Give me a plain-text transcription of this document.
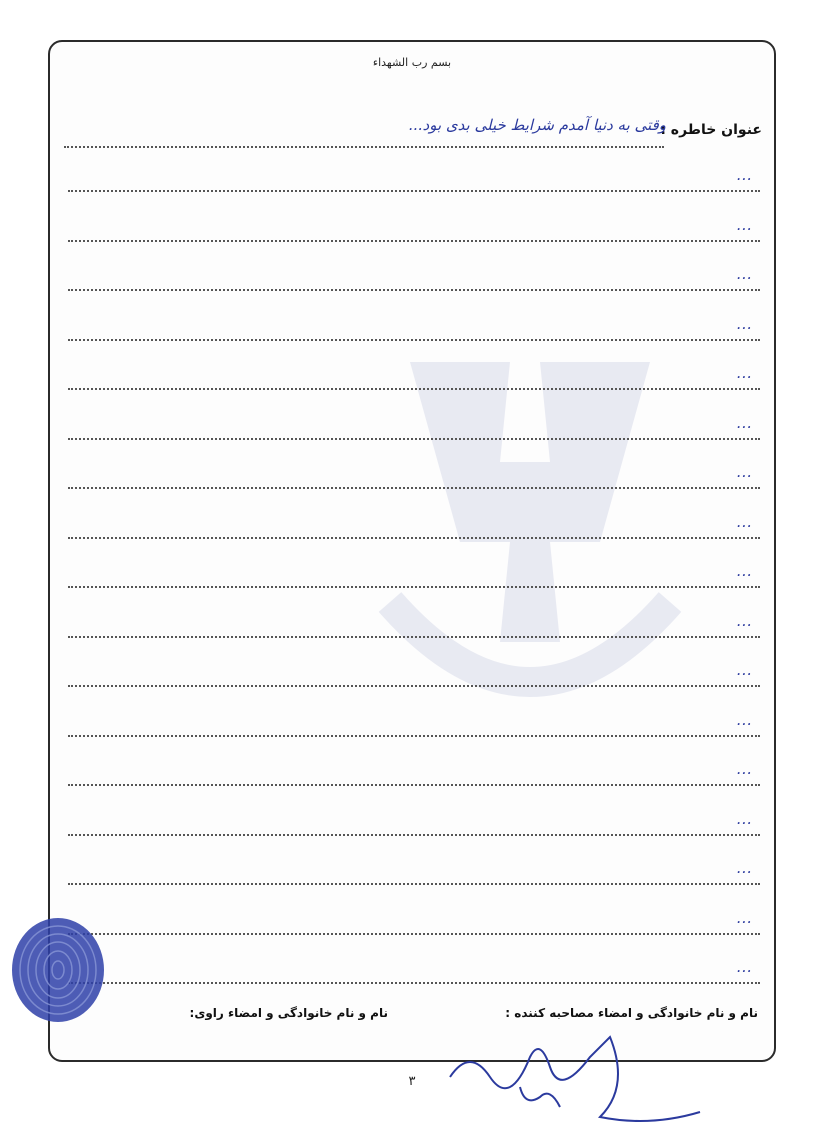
بسم رب الشهداء
عنوان خاطره :
وقتی به دنیا آمدم شرایط خیلی بدی بود...
...
...
...
...
...
...
...
...
...
...
...
...
...
...
...
...
...
نام و نام خانوادگی و امضاء مصاحبه کننده :
نام و نام خانوادگی و امضاء راوی:
۳
